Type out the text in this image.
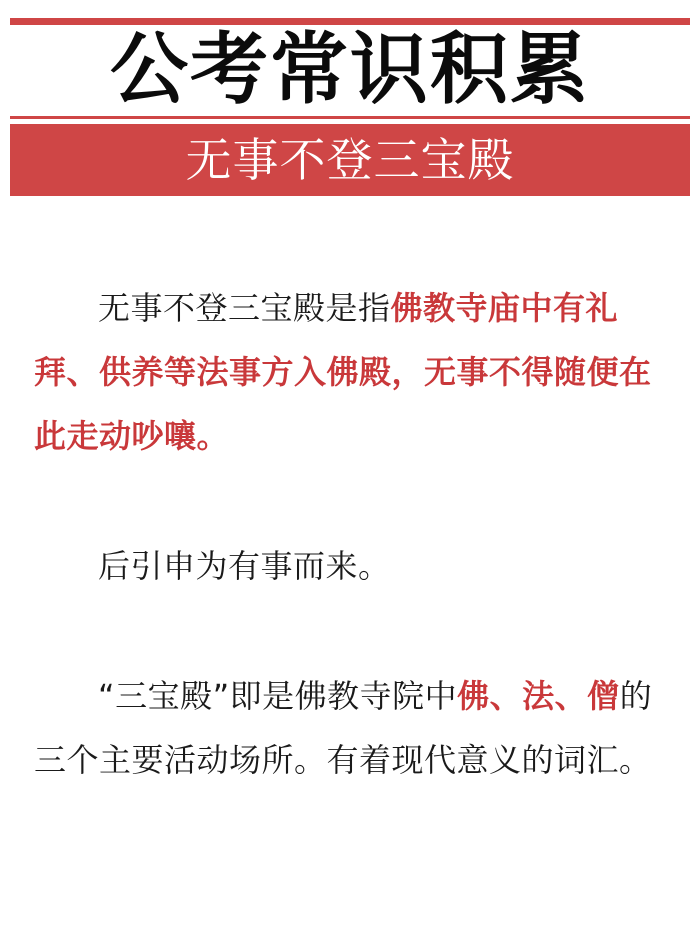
公考常识积累
无事不登三宝殿

无事不登三宝殿是指佛教寺庙中有礼拜、供养等法事方入佛殿，无事不得随便在此走动吵嚷。

后引申为有事而来。

“三宝殿”即是佛教寺院中佛、法、僧的三个主要活动场所。有着现代意义的词汇。
